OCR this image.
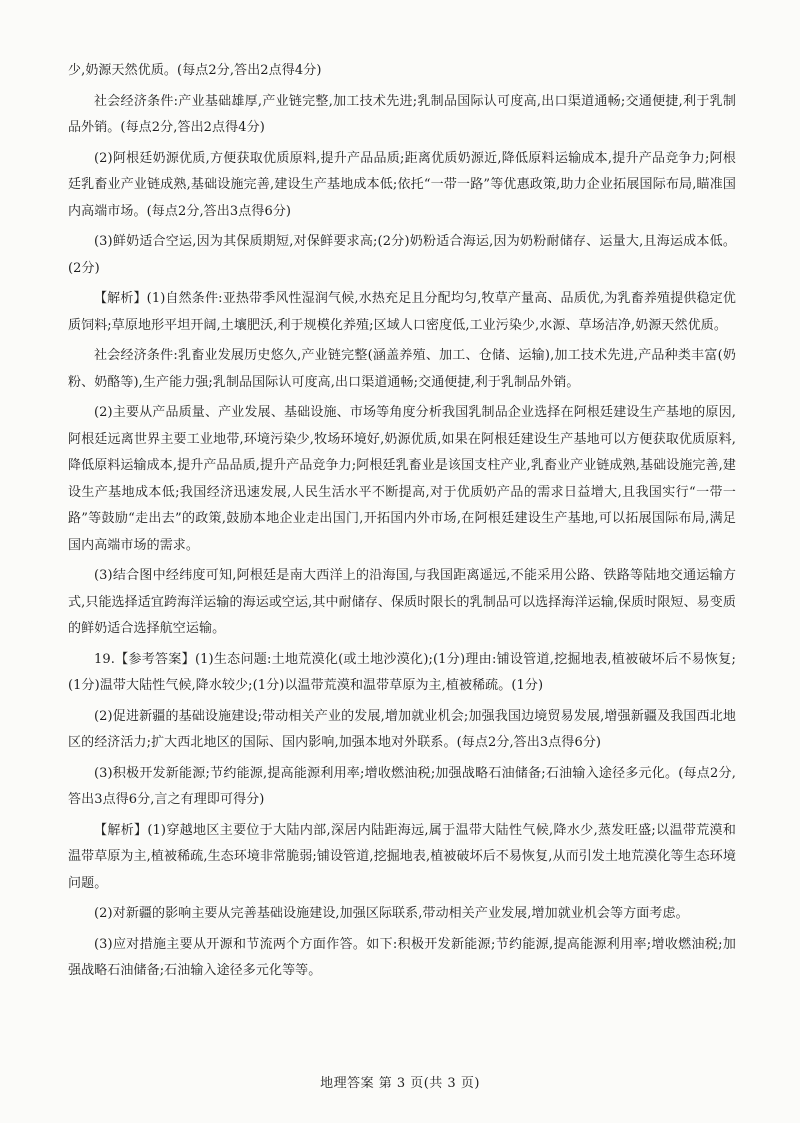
少,奶源天然优质。(每点2分,答出2点得4分)

社会经济条件:产业基础雄厚,产业链完整,加工技术先进;乳制品国际认可度高,出口渠道通畅;交通便捷,利于乳制品外销。(每点2分,答出2点得4分)

(2)阿根廷奶源优质,方便获取优质原料,提升产品品质;距离优质奶源近,降低原料运输成本,提升产品竞争力;阿根廷乳畜业产业链成熟,基础设施完善,建设生产基地成本低;依托“一带一路”等优惠政策,助力企业拓展国际布局,瞄准国内高端市场。(每点2分,答出3点得6分)

(3)鲜奶适合空运,因为其保质期短,对保鲜要求高;(2分)奶粉适合海运,因为奶粉耐储存、运量大,且海运成本低。(2分)

【解析】(1)自然条件:亚热带季风性湿润气候,水热充足且分配均匀,牧草产量高、品质优,为乳畜养殖提供稳定优质饲料;草原地形平坦开阔,土壤肥沃,利于规模化养殖;区域人口密度低,工业污染少,水源、草场洁净,奶源天然优质。

社会经济条件:乳畜业发展历史悠久,产业链完整(涵盖养殖、加工、仓储、运输),加工技术先进,产品种类丰富(奶粉、奶酪等),生产能力强;乳制品国际认可度高,出口渠道通畅;交通便捷,利于乳制品外销。

(2)主要从产品质量、产业发展、基础设施、市场等角度分析我国乳制品企业选择在阿根廷建设生产基地的原因,阿根廷远离世界主要工业地带,环境污染少,牧场环境好,奶源优质,如果在阿根廷建设生产基地可以方便获取优质原料,降低原料运输成本,提升产品品质,提升产品竞争力;阿根廷乳畜业是该国支柱产业,乳畜业产业链成熟,基础设施完善,建设生产基地成本低;我国经济迅速发展,人民生活水平不断提高,对于优质奶产品的需求日益增大,且我国实行“一带一路”等鼓励“走出去”的政策,鼓励本地企业走出国门,开拓国内外市场,在阿根廷建设生产基地,可以拓展国际布局,满足国内高端市场的需求。

(3)结合图中经纬度可知,阿根廷是南大西洋上的沿海国,与我国距离遥远,不能采用公路、铁路等陆地交通运输方式,只能选择适宜跨海洋运输的海运或空运,其中耐储存、保质时限长的乳制品可以选择海洋运输,保质时限短、易变质的鲜奶适合选择航空运输。

19.【参考答案】(1)生态问题:土地荒漠化(或土地沙漠化);(1分)理由:铺设管道,挖掘地表,植被破坏后不易恢复;(1分)温带大陆性气候,降水较少;(1分)以温带荒漠和温带草原为主,植被稀疏。(1分)

(2)促进新疆的基础设施建设;带动相关产业的发展,增加就业机会;加强我国边境贸易发展,增强新疆及我国西北地区的经济活力;扩大西北地区的国际、国内影响,加强本地对外联系。(每点2分,答出3点得6分)

(3)积极开发新能源;节约能源,提高能源利用率;增收燃油税;加强战略石油储备;石油输入途径多元化。(每点2分,答出3点得6分,言之有理即可得分)

【解析】(1)穿越地区主要位于大陆内部,深居内陆距海远,属于温带大陆性气候,降水少,蒸发旺盛;以温带荒漠和温带草原为主,植被稀疏,生态环境非常脆弱;铺设管道,挖掘地表,植被破坏后不易恢复,从而引发土地荒漠化等生态环境问题。

(2)对新疆的影响主要从完善基础设施建设,加强区际联系,带动相关产业发展,增加就业机会等方面考虑。

(3)应对措施主要从开源和节流两个方面作答。如下:积极开发新能源;节约能源,提高能源利用率;增收燃油税;加强战略石油储备;石油输入途径多元化等等。

地理答案 第 3 页(共 3 页)
